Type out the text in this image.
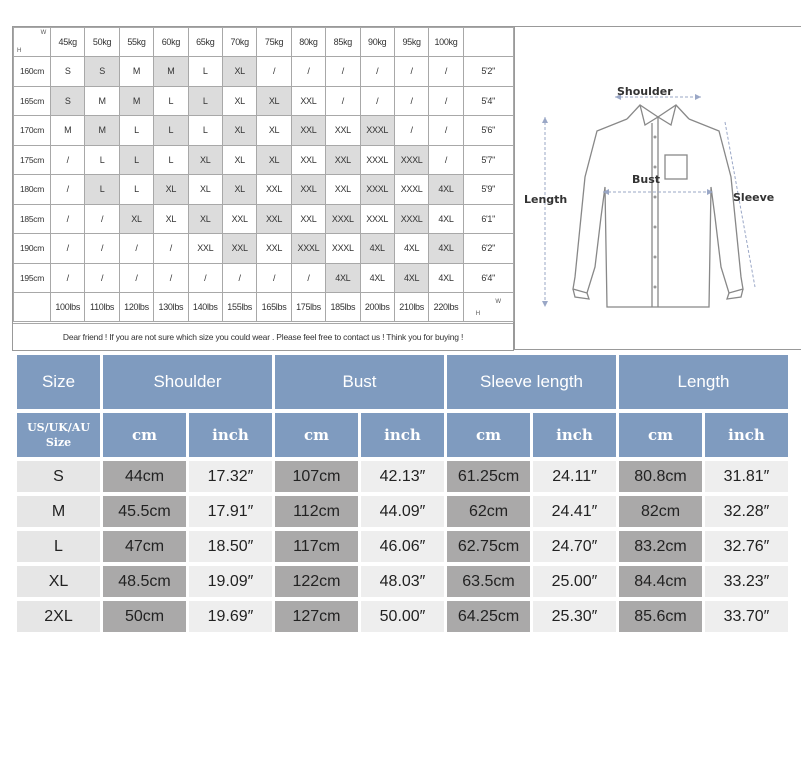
H
W	45kg	50kg	55kg	60kg	65kg	70kg	75kg	80kg	85kg	90kg	95kg	100kg	
160cm	S	S	M	M	L	XL	/	/	/	/	/	/	5'2"
165cm	S	M	M	L	L	XL	XL	XXL	/	/	/	/	5'4"
170cm	M	M	L	L	L	XL	XL	XXL	XXL	XXXL	/	/	5'6"
175cm	/	L	L	L	XL	XL	XL	XXL	XXL	XXXL	XXXL	/	5'7"
180cm	/	L	L	XL	XL	XL	XXL	XXL	XXL	XXXL	XXXL	4XL	5'9"
185cm	/	/	XL	XL	XL	XXL	XXL	XXL	XXXL	XXXL	XXXL	4XL	6'1"
190cm	/	/	/	/	XXL	XXL	XXL	XXXL	XXXL	4XL	4XL	4XL	6'2"
195cm	/	/	/	/	/	/	/	/	4XL	4XL	4XL	4XL	6'4"
	100lbs	110lbs	120lbs	130lbs	140lbs	155lbs	165lbs	175lbs	185lbs	200lbs	210lbs	220lbs	H
W
Dear friend ! If you are not sure which size you could wear . Please feel free to contact us ! Think you for buying !
Shoulder
Bust
Length	Sleeve
Size	Shoulder		Bust		Sleeve length		Length	
US/UK/AU Size	cm	inch	cm	inch	cm	inch	cm	inch
S	44cm	17.32″	107cm	42.13″	61.25cm	24.11″	80.8cm	31.81″
M	45.5cm	17.91″	112cm	44.09″	62cm	24.41″	82cm	32.28″
L	47cm	18.50″	117cm	46.06″	62.75cm	24.70″	83.2cm	32.76″
XL	48.5cm	19.09″	122cm	48.03″	63.5cm	25.00″	84.4cm	33.23″
2XL	50cm	19.69″	127cm	50.00″	64.25cm	25.30″	85.6cm	33.70″
